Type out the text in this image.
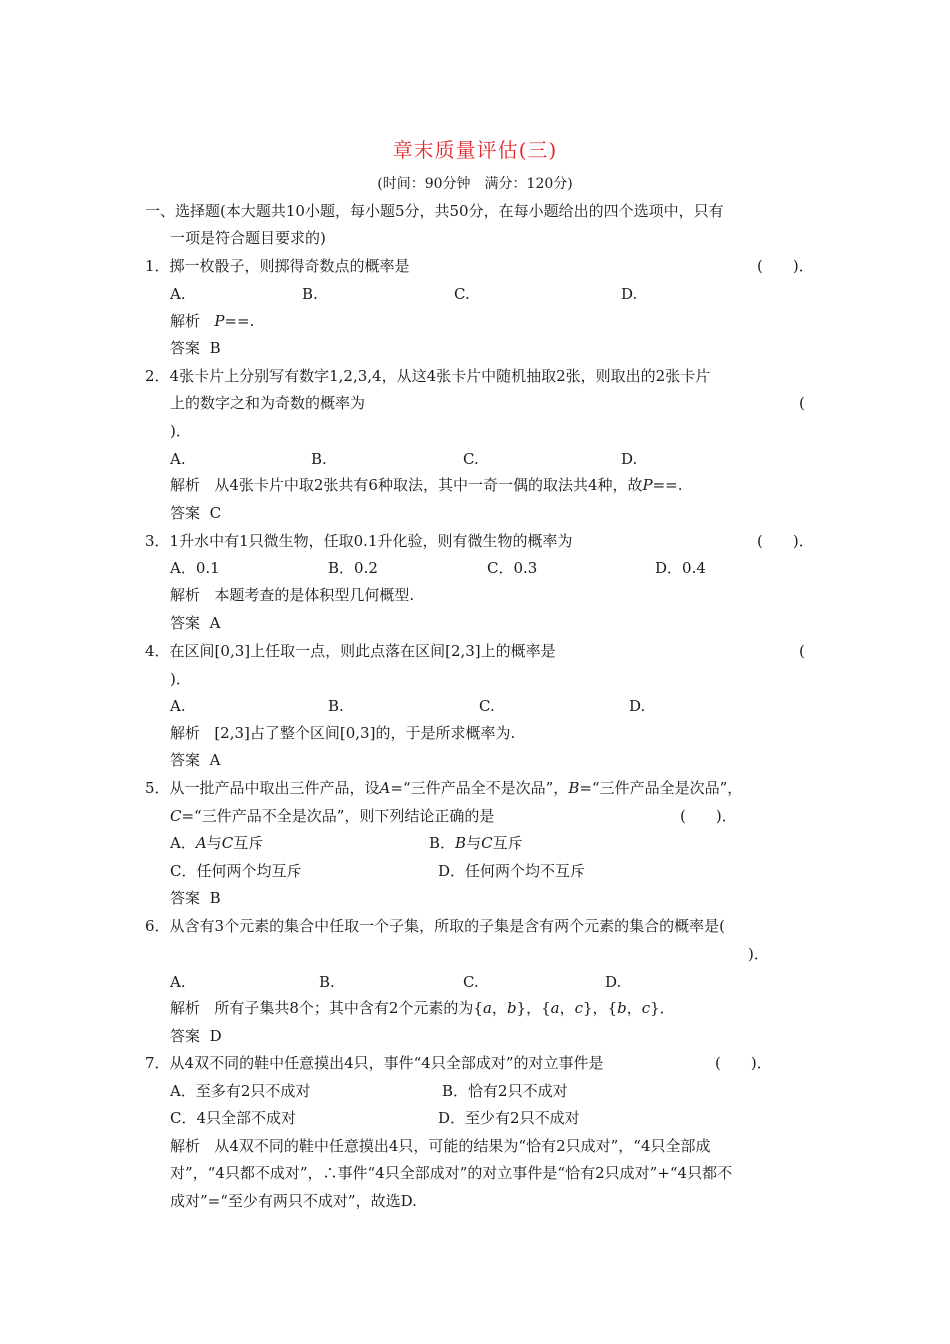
章末质量评估(三)
(时间：90分钟　满分：120分)
一、选择题(本大题共10小题，每小题5分，共50分，在每小题给出的四个选项中，只有
一项是符合题目要求的)
1．掷一枚骰子，则掷得奇数点的概率是	(　　)．
A.	B.	C.	D.
解析 P==.
答案 B
2．4张卡片上分别写有数字1,2,3,4，从这4张卡片中随机抽取2张，则取出的2张卡片
上的数字之和为奇数的概率为	(
)．
A.	B.	C.	D.
解析 从4张卡片中取2张共有6种取法，其中一奇一偶的取法共4种，故P==.
答案 C
3．1升水中有1只微生物，任取0.1升化验，则有微生物的概率为	(　　)．
A．0.1	B．0.2	C．0.3	D．0.4
解析 本题考查的是体积型几何概型.
答案 A
4．在区间[0,3]上任取一点，则此点落在区间[2,3]上的概率是	(
)．
A.	B.	C.	D.
解析 [2,3]占了整个区间[0,3]的，于是所求概率为.
答案 A
5．从一批产品中取出三件产品，设A=“三件产品全不是次品”，B=“三件产品全是次品”，
C=“三件产品不全是次品”，则下列结论正确的是	(　　)．
A．A与C互斥	B．B与C互斥
C．任何两个均互斥	D．任何两个均不互斥
答案 B
6．从含有3个元素的集合中任取一个子集，所取的子集是含有两个元素的集合的概率是(
)．
A.	B.	C.	D.
解析 所有子集共8个；其中含有2个元素的为{a，b}，{a，c}，{b，c}．
答案 D
7．从4双不同的鞋中任意摸出4只，事件“4只全部成对”的对立事件是	(　　)．
A．至多有2只不成对	B．恰有2只不成对
C．4只全部不成对	D．至少有2只不成对
解析 从4双不同的鞋中任意摸出4只，可能的结果为“恰有2只成对”，“4只全部成
对”，“4只都不成对”，∴事件“4只全部成对”的对立事件是“恰有2只成对”+“4只都不
成对”=“至少有两只不成对”，故选D.
